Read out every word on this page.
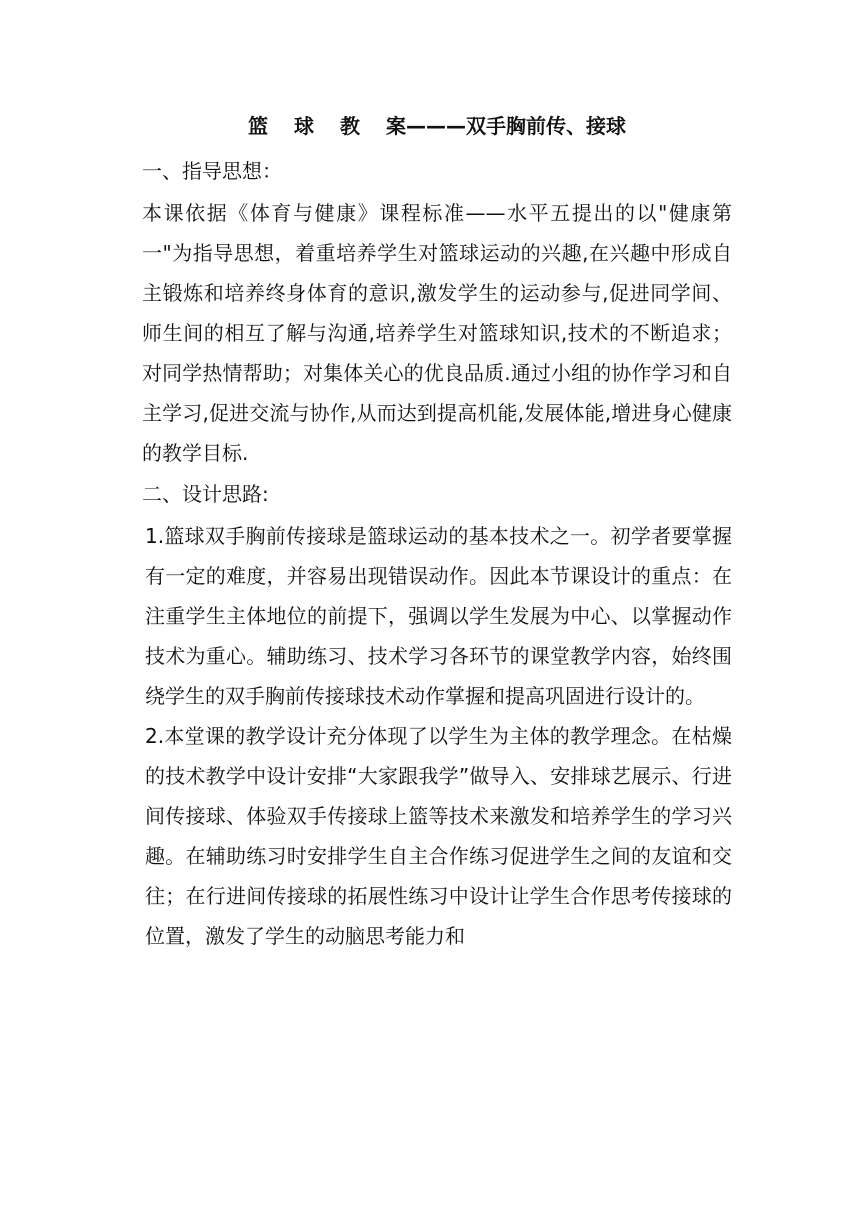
篮 球 教 案———双手胸前传、接球

一、指导思想：

本课依据《体育与健康》课程标准——水平五提出的以"健康第一"为指导思想，着重培养学生对篮球运动的兴趣,在兴趣中形成自主锻炼和培养终身体育的意识,激发学生的运动参与,促进同学间、师生间的相互了解与沟通,培养学生对篮球知识,技术的不断追求；对同学热情帮助；对集体关心的优良品质.通过小组的协作学习和自主学习,促进交流与协作,从而达到提高机能,发展体能,增进身心健康的教学目标.

二、设计思路:

1.篮球双手胸前传接球是篮球运动的基本技术之一。初学者要掌握有一定的难度，并容易出现错误动作。因此本节课设计的重点：在注重学生主体地位的前提下，强调以学生发展为中心、以掌握动作技术为重心。辅助练习、技术学习各环节的课堂教学内容，始终围绕学生的双手胸前传接球技术动作掌握和提高巩固进行设计的。

2.本堂课的教学设计充分体现了以学生为主体的教学理念。在枯燥的技术教学中设计安排“大家跟我学”做导入、安排球艺展示、行进间传接球、体验双手传接球上篮等技术来激发和培养学生的学习兴趣。在辅助练习时安排学生自主合作练习促进学生之间的友谊和交往；在行进间传接球的拓展性练习中设计让学生合作思考传接球的位置，激发了学生的动脑思考能力和
